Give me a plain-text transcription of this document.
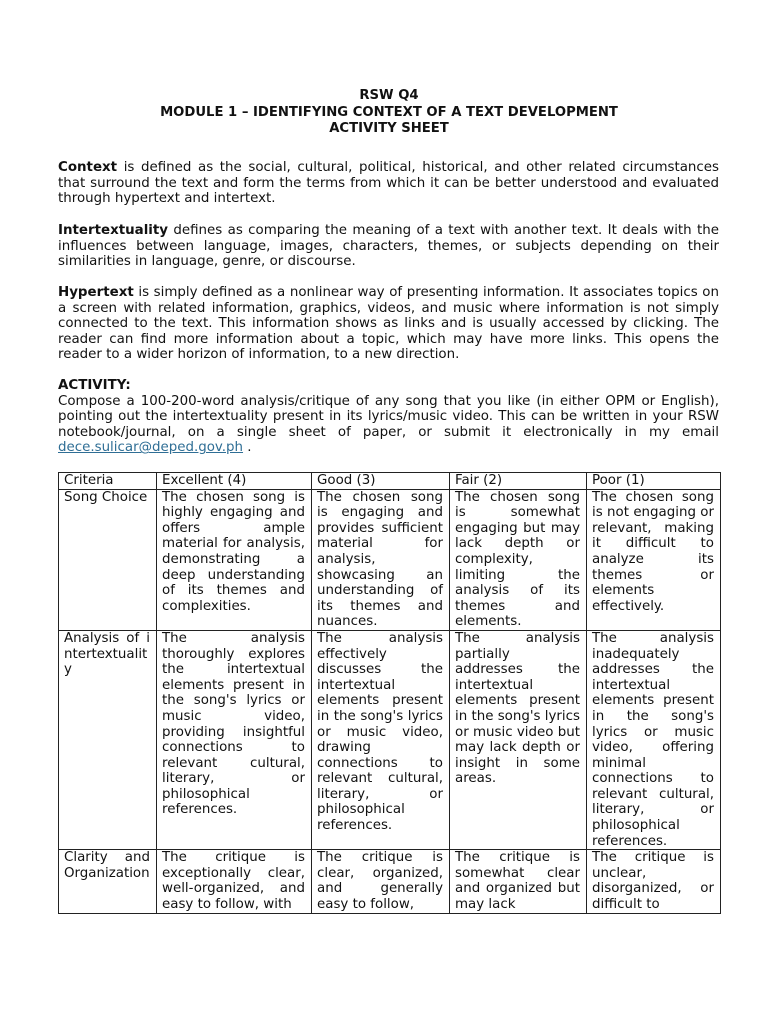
RSW Q4
MODULE 1 – IDENTIFYING CONTEXT OF A TEXT DEVELOPMENT
ACTIVITY SHEET

Context is defined as the social, cultural, political, historical, and other related circumstances that surround the text and form the terms from which it can be better understood and evaluated through hypertext and intertext.

Intertextuality defines as comparing the meaning of a text with another text. It deals with the influences between language, images, characters, themes, or subjects depending on their similarities in language, genre, or discourse.

Hypertext is simply defined as a nonlinear way of presenting information. It associates topics on a screen with related information, graphics, videos, and music where information is not simply connected to the text. This information shows as links and is usually accessed by clicking. The reader can find more information about a topic, which may have more links. This opens the reader to a wider horizon of information, to a new direction.

ACTIVITY:
Compose a 100-200-word analysis/critique of any song that you like (in either OPM or English), pointing out the intertextuality present in its lyrics/music video. This can be written in your RSW notebook/journal, on a single sheet of paper, or submit it electronically in my email dece.sulicar@deped.gov.ph .
Criteria	Excellent (4)	Good (3)	Fair (2)	Poor (1)
Song Choice	The chosen song is highly engaging and offers ample material for analysis, demonstrating a deep understanding of its themes and complexities.	The chosen song is engaging and provides sufficient material for analysis, showcasing an understanding of its themes and nuances.	The chosen song is somewhat engaging but may lack depth or complexity, limiting the analysis of its themes and elements.	The chosen song is not engaging or relevant, making it difficult to analyze its themes or elements effectively.
Analysis of intertextuality	The analysis thoroughly explores the intertextual elements present in the song's lyrics or music video, providing insightful connections to relevant cultural, literary, or philosophical references.	The analysis effectively discusses the intertextual elements present in the song's lyrics or music video, drawing connections to relevant cultural, literary, or philosophical references.	The analysis partially addresses the intertextual elements present in the song's lyrics or music video but may lack depth or insight in some areas.	The analysis inadequately addresses the intertextual elements present in the song's lyrics or music video, offering minimal connections to relevant cultural, literary, or philosophical references.
Clarity and Organization	The critique is exceptionally clear, well-organized, and easy to follow, with	The critique is clear, organized, and generally easy to follow,	The critique is somewhat clear and organized but may lack	The critique is unclear, disorganized, or difficult to
